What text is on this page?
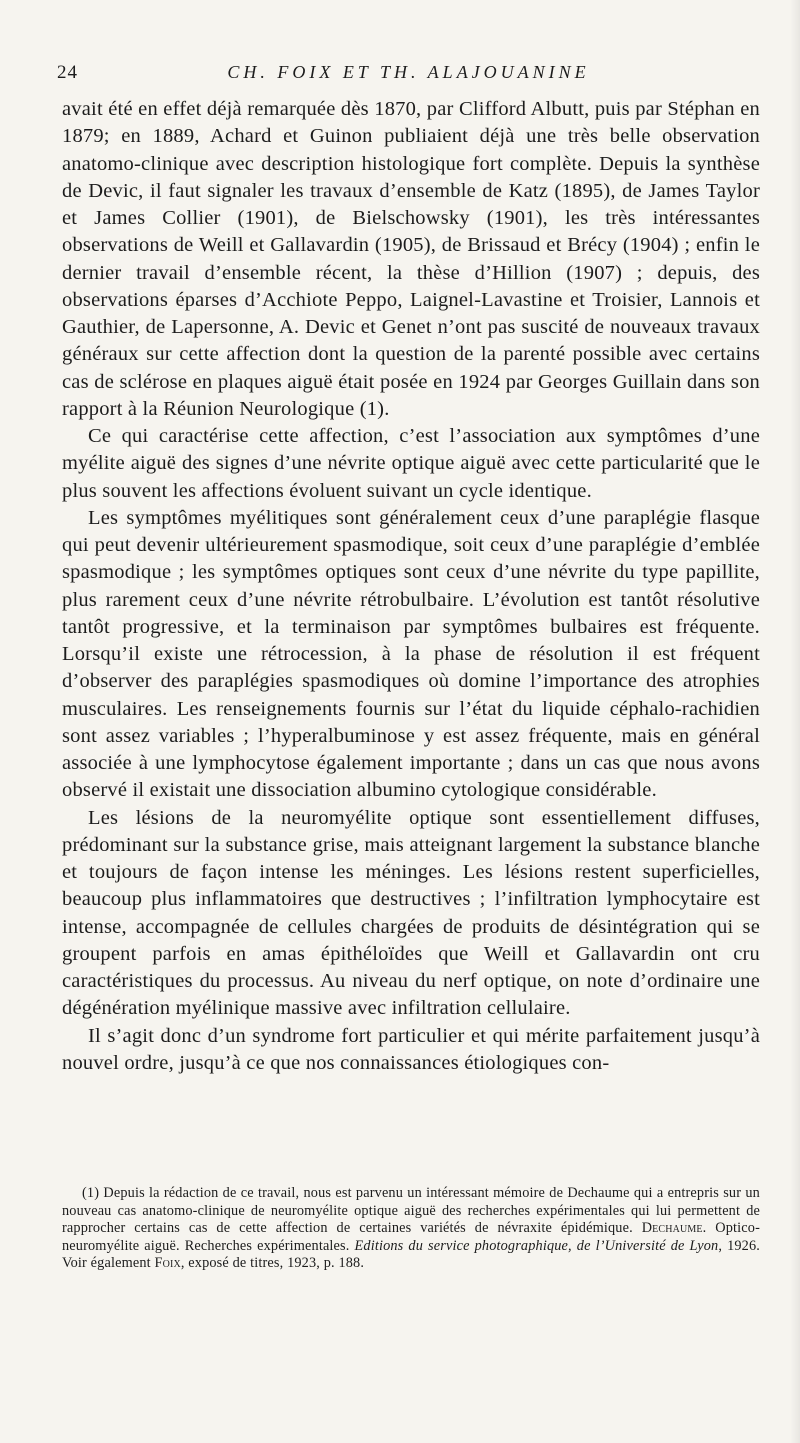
24	CH. FOIX ET TH. ALAJOUANINE

avait été en effet déjà remarquée dès 1870, par Clifford Albutt, puis par Stéphan en 1879; en 1889, Achard et Guinon publiaient déjà une très belle observation anatomo-clinique avec description histologique fort complète. Depuis la synthèse de Devic, il faut signaler les travaux d’ensemble de Katz (1895), de James Taylor et James Collier (1901), de Bielschowsky (1901), les très intéressantes observations de Weill et Gallavardin (1905), de Brissaud et Brécy (1904) ; enfin le dernier travail d’ensemble récent, la thèse d’Hillion (1907) ; depuis, des observations éparses d’Acchiote Peppo, Laignel-Lavastine et Troisier, Lannois et Gauthier, de Lapersonne, A. Devic et Genet n’ont pas suscité de nouveaux travaux généraux sur cette affection dont la question de la parenté possible avec certains cas de sclérose en plaques aiguë était posée en 1924 par Georges Guillain dans son rapport à la Réunion Neurologique (1).

Ce qui caractérise cette affection, c’est l’association aux symptômes d’une myélite aiguë des signes d’une névrite optique aiguë avec cette particularité que le plus souvent les affections évoluent suivant un cycle identique.

Les symptômes myélitiques sont généralement ceux d’une paraplégie flasque qui peut devenir ultérieurement spasmodique, soit ceux d’une paraplégie d’emblée spasmodique ; les symptômes optiques sont ceux d’une névrite du type papillite, plus rarement ceux d’une névrite rétrobulbaire. L’évolution est tantôt résolutive tantôt progressive, et la terminaison par symptômes bulbaires est fréquente. Lorsqu’il existe une rétrocession, à la phase de résolution il est fréquent d’observer des paraplégies spasmodiques où domine l’importance des atrophies musculaires. Les renseignements fournis sur l’état du liquide céphalo-rachidien sont assez variables ; l’hyperalbuminose y est assez fréquente, mais en général associée à une lymphocytose également importante ; dans un cas que nous avons observé il existait une dissociation albumino cytologique considérable.

Les lésions de la neuromyélite optique sont essentiellement diffuses, prédominant sur la substance grise, mais atteignant largement la substance blanche et toujours de façon intense les méninges. Les lésions restent superficielles, beaucoup plus inflammatoires que destructives ; l’infiltration lymphocytaire est intense, accompagnée de cellules chargées de produits de désintégration qui se groupent parfois en amas épithéloïdes que Weill et Gallavardin ont cru caractéristiques du processus. Au niveau du nerf optique, on note d’ordinaire une dégénération myélinique massive avec infiltration cellulaire.

Il s’agit donc d’un syndrome fort particulier et qui mérite parfaitement jusqu’à nouvel ordre, jusqu’à ce que nos connaissances étiologiques con-

(1) Depuis la rédaction de ce travail, nous est parvenu un intéressant mémoire de Dechaume qui a entrepris sur un nouveau cas anatomo-clinique de neuromyélite optique aiguë des recherches expérimentales qui lui permettent de rapprocher certains cas de cette affection de certaines variétés de névraxite épidémique. Dechaume. Optico-neuromyélite aiguë. Recherches expérimentales. Editions du service photographique, de l’Université de Lyon, 1926. Voir également Foix, exposé de titres, 1923, p. 188.
